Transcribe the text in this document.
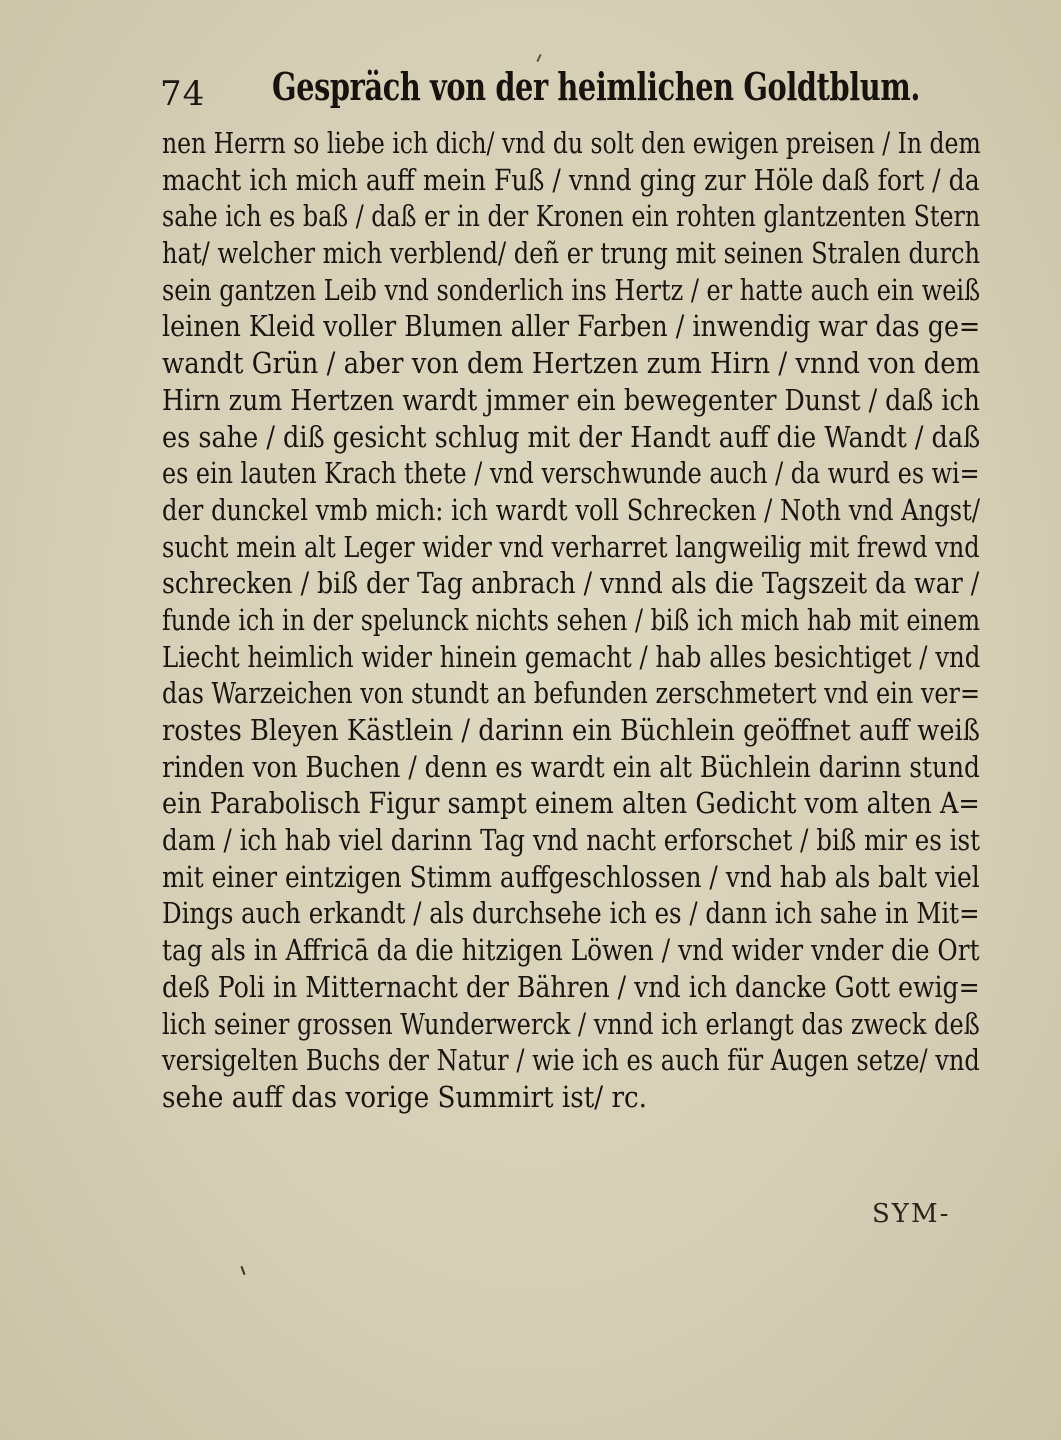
74 Gespräch von der heimlichen Goldtblum.
nen Herrn so liebe ich dich/ vnd du solt den ewigen preisen / In dem
macht ich mich auff mein Fuß / vnnd ging zur Höle daß fort / da
sahe ich es baß / daß er in der Kronen ein rohten glantzenten Stern
hat/ welcher mich verblend/ deñ er trung mit seinen Stralen durch
sein gantzen Leib vnd sonderlich ins Hertz / er hatte auch ein weiß
leinen Kleid voller Blumen aller Farben / inwendig war das ge=
wandt Grün / aber von dem Hertzen zum Hirn / vnnd von dem
Hirn zum Hertzen wardt jmmer ein bewegenter Dunst / daß ich
es sahe / diß gesicht schlug mit der Handt auff die Wandt / daß
es ein lauten Krach thete / vnd verschwunde auch / da wurd es wi=
der dunckel vmb mich: ich wardt voll Schrecken / Noth vnd Angst/
sucht mein alt Leger wider vnd verharret langweilig mit frewd vnd
schrecken / biß der Tag anbrach / vnnd als die Tagszeit da war /
funde ich in der spelunck nichts sehen / biß ich mich hab mit einem
Liecht heimlich wider hinein gemacht / hab alles besichtiget / vnd
das Warzeichen von stundt an befunden zerschmetert vnd ein ver=
rostes Bleyen Kästlein / darinn ein Büchlein geöffnet auff weiß
rinden von Buchen / denn es wardt ein alt Büchlein darinn stund
ein Parabolisch Figur sampt einem alten Gedicht vom alten A=
dam / ich hab viel darinn Tag vnd nacht erforschet / biß mir es ist
mit einer eintzigen Stimm auffgeschlossen / vnd hab als balt viel
Dings auch erkandt / als durchsehe ich es / dann ich sahe in Mit=
tag als in Affricā da die hitzigen Löwen / vnd wider vnder die Ort
deß Poli in Mitternacht der Bähren / vnd ich dancke Gott ewig=
lich seiner grossen Wunderwerck / vnnd ich erlangt das zweck deß
versigelten Buchs der Natur / wie ich es auch für Augen setze/ vnd
sehe auff das vorige Summirt ist/ rc.
SYM-
